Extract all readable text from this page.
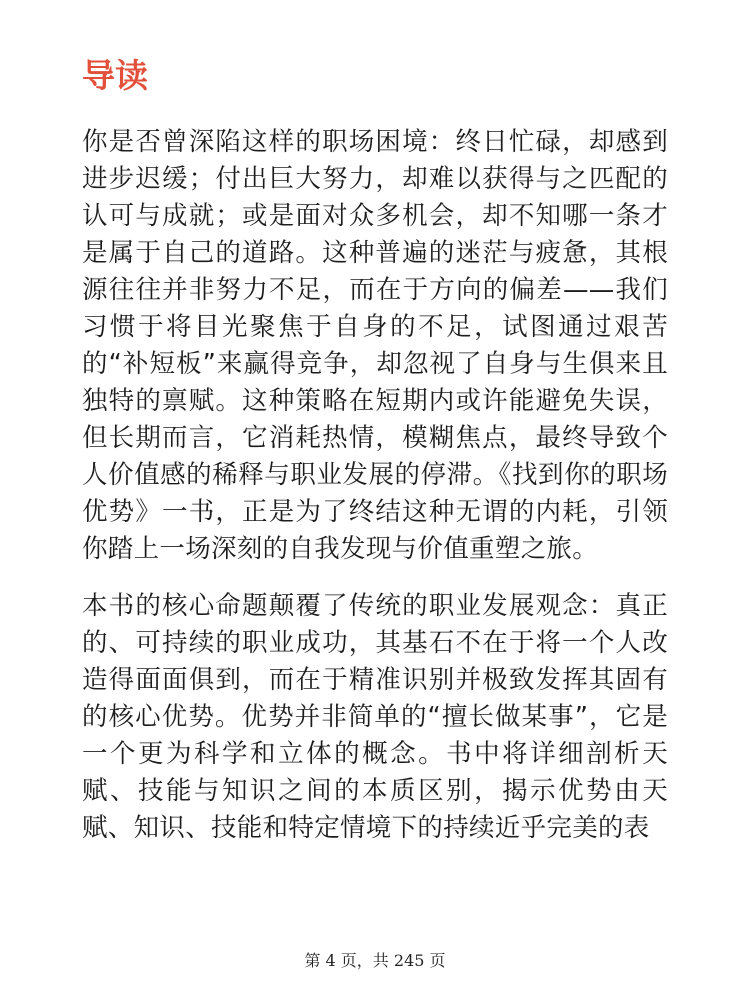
导读

你是否曾深陷这样的职场困境：终日忙碌，却感到进步迟缓；付出巨大努力，却难以获得与之匹配的认可与成就；或是面对众多机会，却不知哪一条才是属于自己的道路。这种普遍的迷茫与疲惫，其根源往往并非努力不足，而在于方向的偏差——我们习惯于将目光聚焦于自身的不足，试图通过艰苦的“补短板”来赢得竞争，却忽视了自身与生俱来且独特的禀赋。这种策略在短期内或许能避免失误，但长期而言，它消耗热情，模糊焦点，最终导致个人价值感的稀释与职业发展的停滞。《找到你的职场优势》一书，正是为了终结这种无谓的内耗，引领你踏上一场深刻的自我发现与价值重塑之旅。

本书的核心命题颠覆了传统的职业发展观念：真正的、可持续的职业成功，其基石不在于将一个人改造得面面俱到，而在于精准识别并极致发挥其固有的核心优势。优势并非简单的“擅长做某事”，它是一个更为科学和立体的概念。书中将详细剖析天赋、技能与知识之间的本质区别，揭示优势由天赋、知识、技能和特定情境下的持续近乎完美的表

第 4 页，共 245 页
